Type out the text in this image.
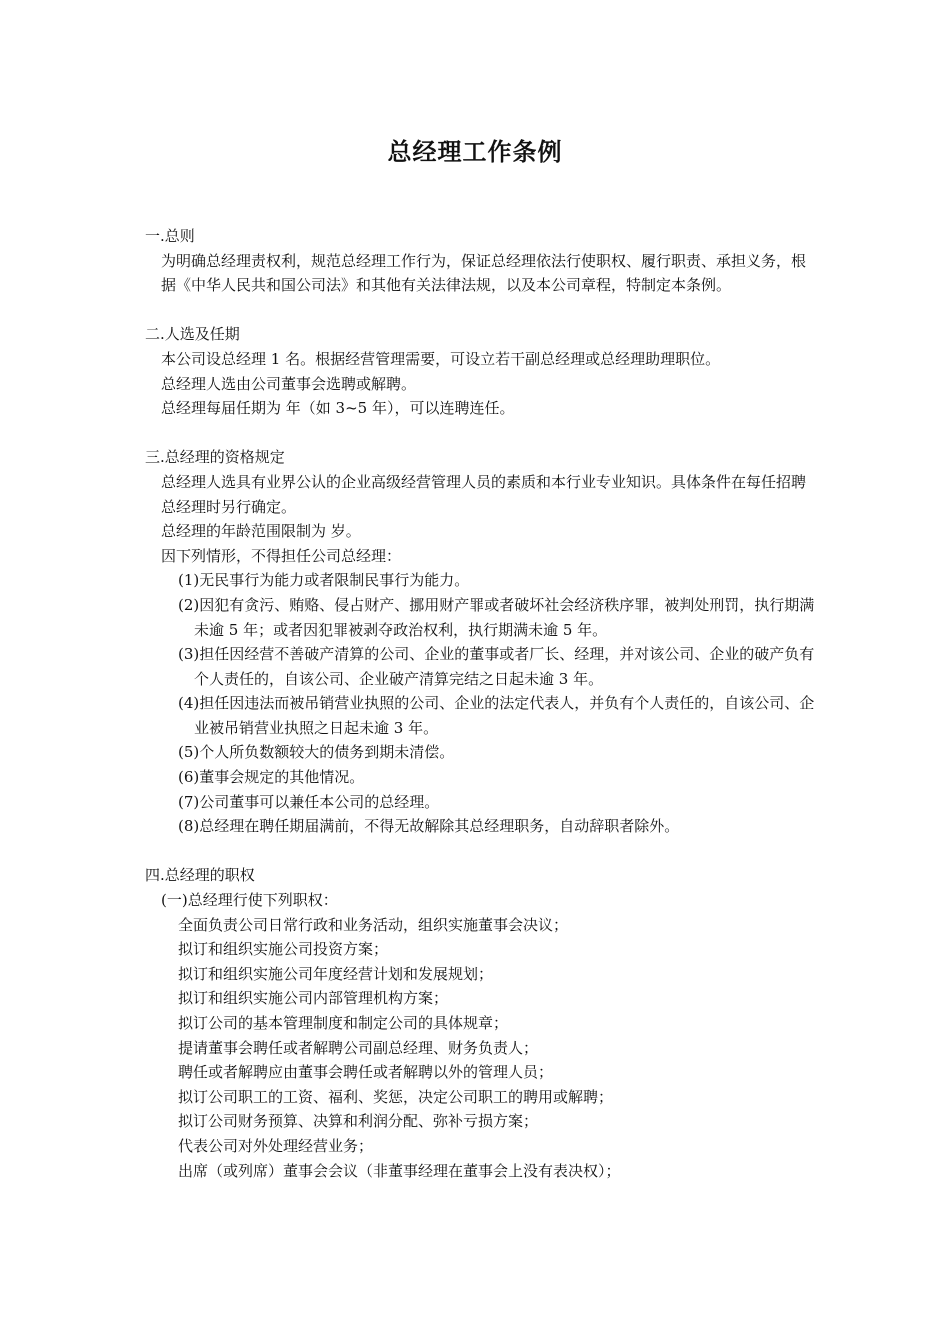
总经理工作条例

一.总则

为明确总经理责权利，规范总经理工作行为，保证总经理依法行使职权、履行职责、承担义务，根据《中华人民共和国公司法》和其他有关法律法规，以及本公司章程，特制定本条例。

二.人选及任期

本公司设总经理 1 名。根据经营管理需要，可设立若干副总经理或总经理助理职位。

总经理人选由公司董事会选聘或解聘。

总经理每届任期为 年（如 3~5 年），可以连聘连任。

三.总经理的资格规定

总经理人选具有业界公认的企业高级经营管理人员的素质和本行业专业知识。具体条件在每任招聘总经理时另行确定。

总经理的年龄范围限制为 岁。

因下列情形，不得担任公司总经理：

(1)无民事行为能力或者限制民事行为能力。

(2)因犯有贪污、贿赂、侵占财产、挪用财产罪或者破坏社会经济秩序罪，被判处刑罚，执行期满未逾 5 年；或者因犯罪被剥夺政治权利，执行期满未逾 5 年。

(3)担任因经营不善破产清算的公司、企业的董事或者厂长、经理，并对该公司、企业的破产负有个人责任的，自该公司、企业破产清算完结之日起未逾 3 年。

(4)担任因违法而被吊销营业执照的公司、企业的法定代表人，并负有个人责任的，自该公司、企业被吊销营业执照之日起未逾 3 年。

(5)个人所负数额较大的债务到期未清偿。

(6)董事会规定的其他情况。

(7)公司董事可以兼任本公司的总经理。

(8)总经理在聘任期届满前，不得无故解除其总经理职务，自动辞职者除外。

四.总经理的职权

(一)总经理行使下列职权：

全面负责公司日常行政和业务活动，组织实施董事会决议；

拟订和组织实施公司投资方案；

拟订和组织实施公司年度经营计划和发展规划；

拟订和组织实施公司内部管理机构方案；

拟订公司的基本管理制度和制定公司的具体规章；

提请董事会聘任或者解聘公司副总经理、财务负责人；

聘任或者解聘应由董事会聘任或者解聘以外的管理人员；

拟订公司职工的工资、福利、奖惩，决定公司职工的聘用或解聘；

拟订公司财务预算、决算和利润分配、弥补亏损方案；

代表公司对外处理经营业务；

出席（或列席）董事会会议（非董事经理在董事会上没有表决权）；
